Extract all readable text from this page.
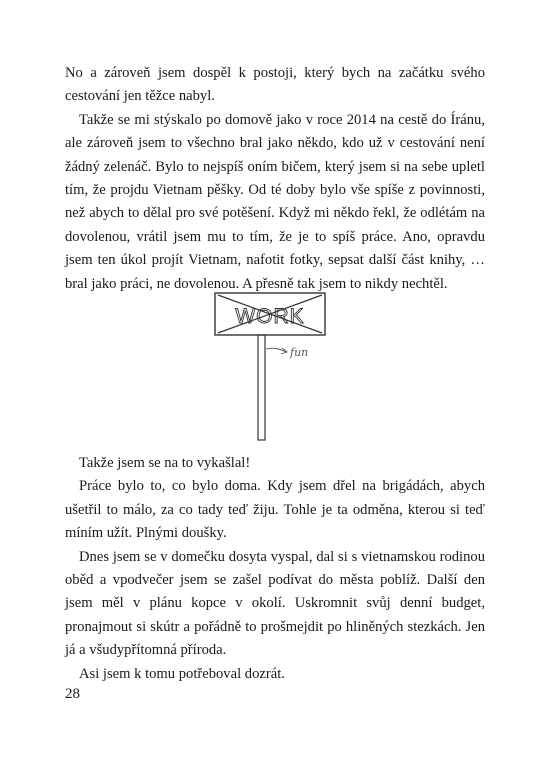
No a zároveň jsem dospěl k postoji, který bych na začátku svého cestování jen těžce nabyl.

Takže se mi stýskalo po domově jako v roce 2014 na cestě do Íránu, ale zároveň jsem to všechno bral jako někdo, kdo už v cestování není žádný zelenáč. Bylo to nejspíš oním bičem, který jsem si na sebe upletl tím, že projdu Vietnam pěšky. Od té doby bylo vše spíše z povinnosti, než abych to dělal pro své potěšení. Když mi někdo řekl, že odlétám na dovolenou, vrátil jsem mu to tím, že je to spíš práce. Ano, opravdu jsem ten úkol projít Vietnam, nafotit fotky, sepsat další část knihy, … bral jako práci, ne dovolenou. A přesně tak jsem to nikdy nechtěl.

WORK
fun

Takže jsem se na to vykašlal!

Práce bylo to, co bylo doma. Kdy jsem dřel na brigádách, abych ušetřil to málo, za co tady teď žiju. Tohle je ta odměna, kterou si teď míním užít. Plnými doušky.

Dnes jsem se v domečku dosyta vyspal, dal si s vietnamskou rodinou oběd a vpodvečer jsem se zašel podívat do města poblíž. Další den jsem měl v plánu kopce v okolí. Uskromnit svůj denní budget, pronajmout si skútr a pořádně to prošmejdit po hliněných stezkách. Jen já a všudypřítomná příroda.

Asi jsem k tomu potřeboval dozrát.

28
